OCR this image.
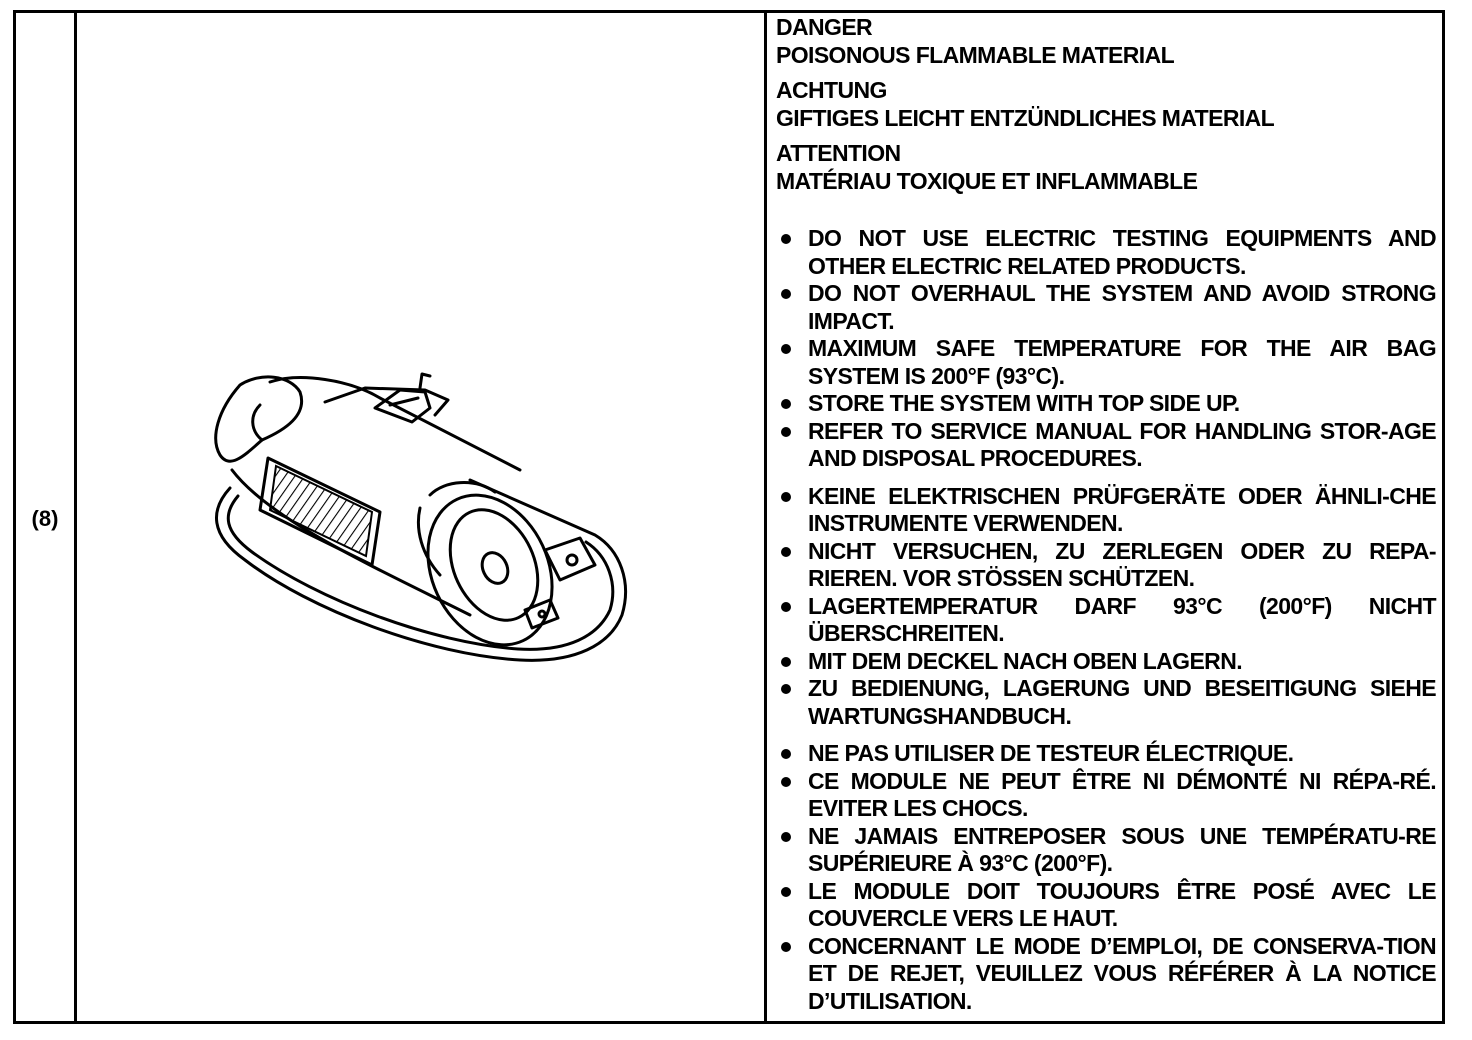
(8)

DANGER

POISONOUS FLAMMABLE MATERIAL

ACHTUNG

GIFTIGES LEICHT ENTZÜNDLICHES MATERIAL

ATTENTION

MATÉRIAU TOXIQUE ET INFLAMMABLE

DO NOT USE ELECTRIC TESTING EQUIPMENTS AND OTHER ELECTRIC RELATED PRODUCTS.
DO NOT OVERHAUL THE SYSTEM AND AVOID STRONG IMPACT.
MAXIMUM SAFE TEMPERATURE FOR THE AIR BAG SYSTEM IS 200°F (93°C).
STORE THE SYSTEM WITH TOP SIDE UP.
REFER TO SERVICE MANUAL FOR HANDLING STOR-AGE AND DISPOSAL PROCEDURES.
KEINE ELEKTRISCHEN PRÜFGERÄTE ODER ÄHNLI-CHE INSTRUMENTE VERWENDEN.
NICHT VERSUCHEN, ZU ZERLEGEN ODER ZU REPA-RIEREN. VOR STÖSSEN SCHÜTZEN.
LAGERTEMPERATUR DARF 93°C (200°F) NICHT ÜBERSCHREITEN.
MIT DEM DECKEL NACH OBEN LAGERN.
ZU BEDIENUNG, LAGERUNG UND BESEITIGUNG SIEHE WARTUNGSHANDBUCH.
NE PAS UTILISER DE TESTEUR ÉLECTRIQUE.
CE MODULE NE PEUT ÊTRE NI DÉMONTÉ NI RÉPA-RÉ. EVITER LES CHOCS.
NE JAMAIS ENTREPOSER SOUS UNE TEMPÉRATU-RE SUPÉRIEURE À 93°C (200°F).
LE MODULE DOIT TOUJOURS ÊTRE POSÉ AVEC LE COUVERCLE VERS LE HAUT.
CONCERNANT LE MODE D’EMPLOI, DE CONSERVA-TION ET DE REJET, VEUILLEZ VOUS RÉFÉRER À LA NOTICE D’UTILISATION.
